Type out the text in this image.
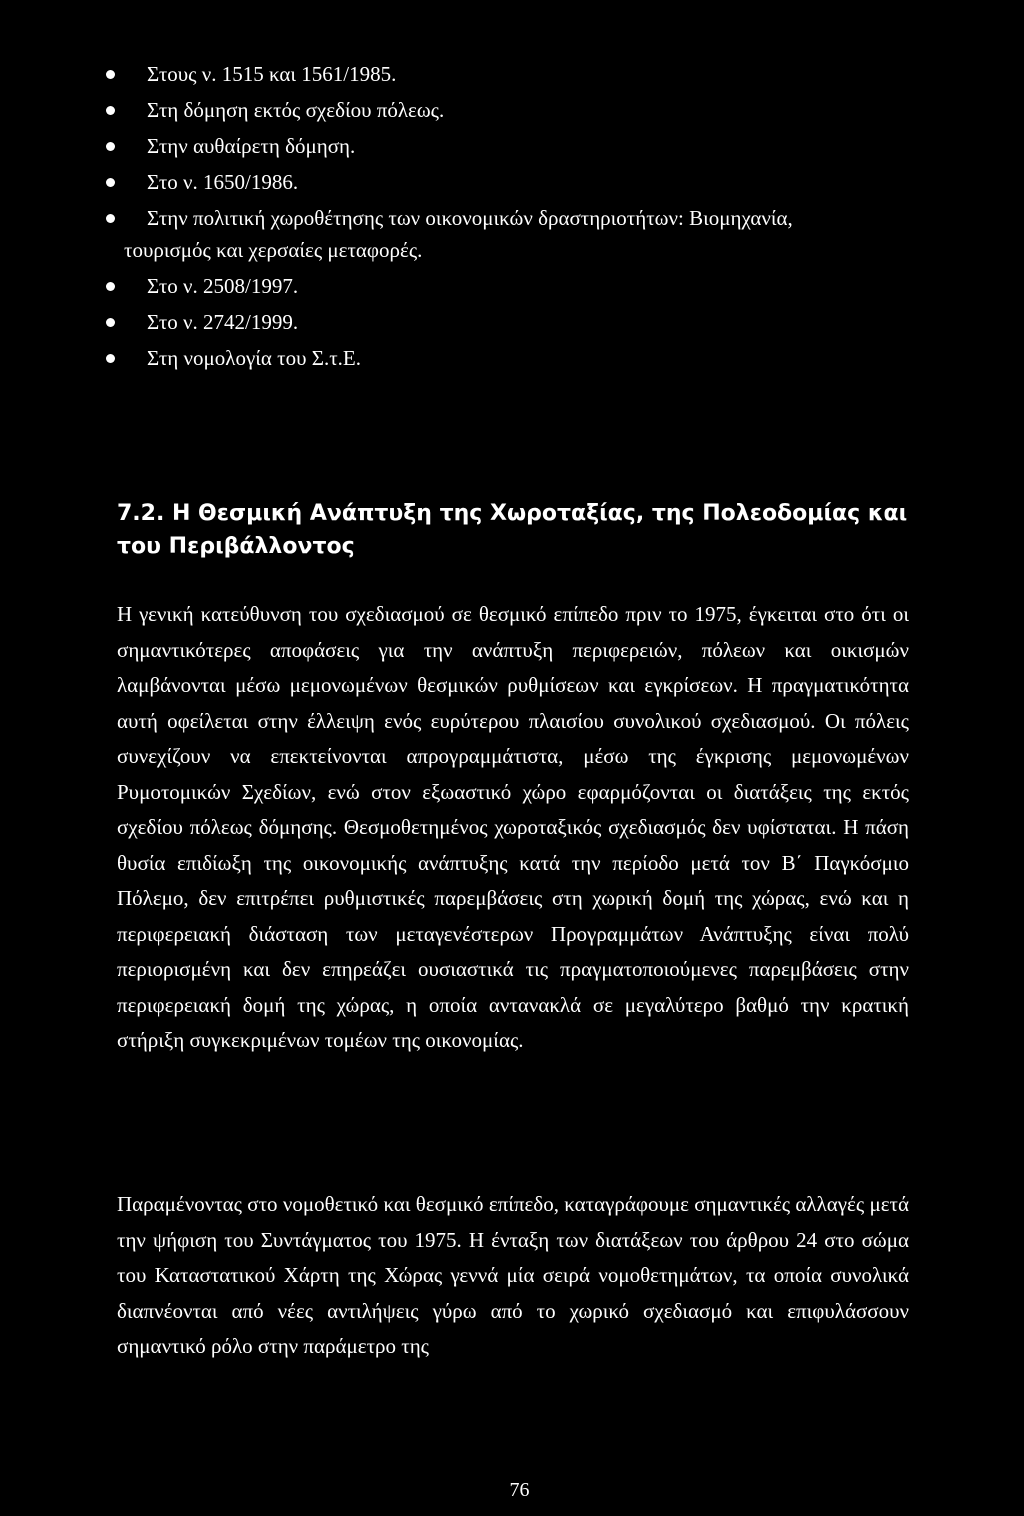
Στους ν. 1515 και 1561/1985.
Στη δόμηση εκτός σχεδίου πόλεως.
Στην αυθαίρετη δόμηση.
Στο ν. 1650/1986.
Στην πολιτική χωροθέτησης των οικονομικών δραστηριοτήτων: Βιομηχανία,
τουρισμός και χερσαίες μεταφορές.
Στο ν. 2508/1997.
Στο ν. 2742/1999.
Στη νομολογία του Σ.τ.Ε.
7.2. Η Θεσμική Ανάπτυξη της Χωροταξίας, της Πολεοδομίας και του Περιβάλλοντος

Η γενική κατεύθυνση του σχεδιασμού σε θεσμικό επίπεδο πριν το 1975, έγκειται στο ότι οι σημαντικότερες αποφάσεις για την ανάπτυξη περιφερειών, πόλεων και οικισμών λαμβάνονται μέσω μεμονωμένων θεσμικών ρυθμίσεων και εγκρίσεων. Η πραγματικότητα αυτή οφείλεται στην έλλειψη ενός ευρύτερου πλαισίου συνολικού σχεδιασμού. Οι πόλεις συνεχίζουν να επεκτείνονται απρογραμμάτιστα, μέσω της έγκρισης μεμονωμένων Ρυμοτομικών Σχεδίων, ενώ στον εξωαστικό χώρο εφαρμόζονται οι διατάξεις της εκτός σχεδίου πόλεως δόμησης. Θεσμοθετημένος χωροταξικός σχεδιασμός δεν υφίσταται. Η πάση θυσία επιδίωξη της οικονομικής ανάπτυξης κατά την περίοδο μετά τον Β΄ Παγκόσμιο Πόλεμο, δεν επιτρέπει ρυθμιστικές παρεμβάσεις στη χωρική δομή της χώρας, ενώ και η περιφερειακή διάσταση των μεταγενέστερων Προγραμμάτων Ανάπτυξης είναι πολύ περιορισμένη και δεν επηρεάζει ουσιαστικά τις πραγματοποιούμενες παρεμβάσεις στην περιφερειακή δομή της χώρας, η οποία αντανακλά σε μεγαλύτερο βαθμό την κρατική στήριξη συγκεκριμένων τομέων της οικονομίας.

Παραμένοντας στο νομοθετικό και θεσμικό επίπεδο, καταγράφουμε σημαντικές αλλαγές μετά την ψήφιση του Συντάγματος του 1975. Η ένταξη των διατάξεων του άρθρου 24 στο σώμα του Καταστατικού Χάρτη της Χώρας γεννά μία σειρά νομοθετημάτων, τα οποία συνολικά διαπνέονται από νέες αντιλήψεις γύρω από το χωρικό σχεδιασμό και επιφυλάσσουν σημαντικό ρόλο στην παράμετρο της

76
